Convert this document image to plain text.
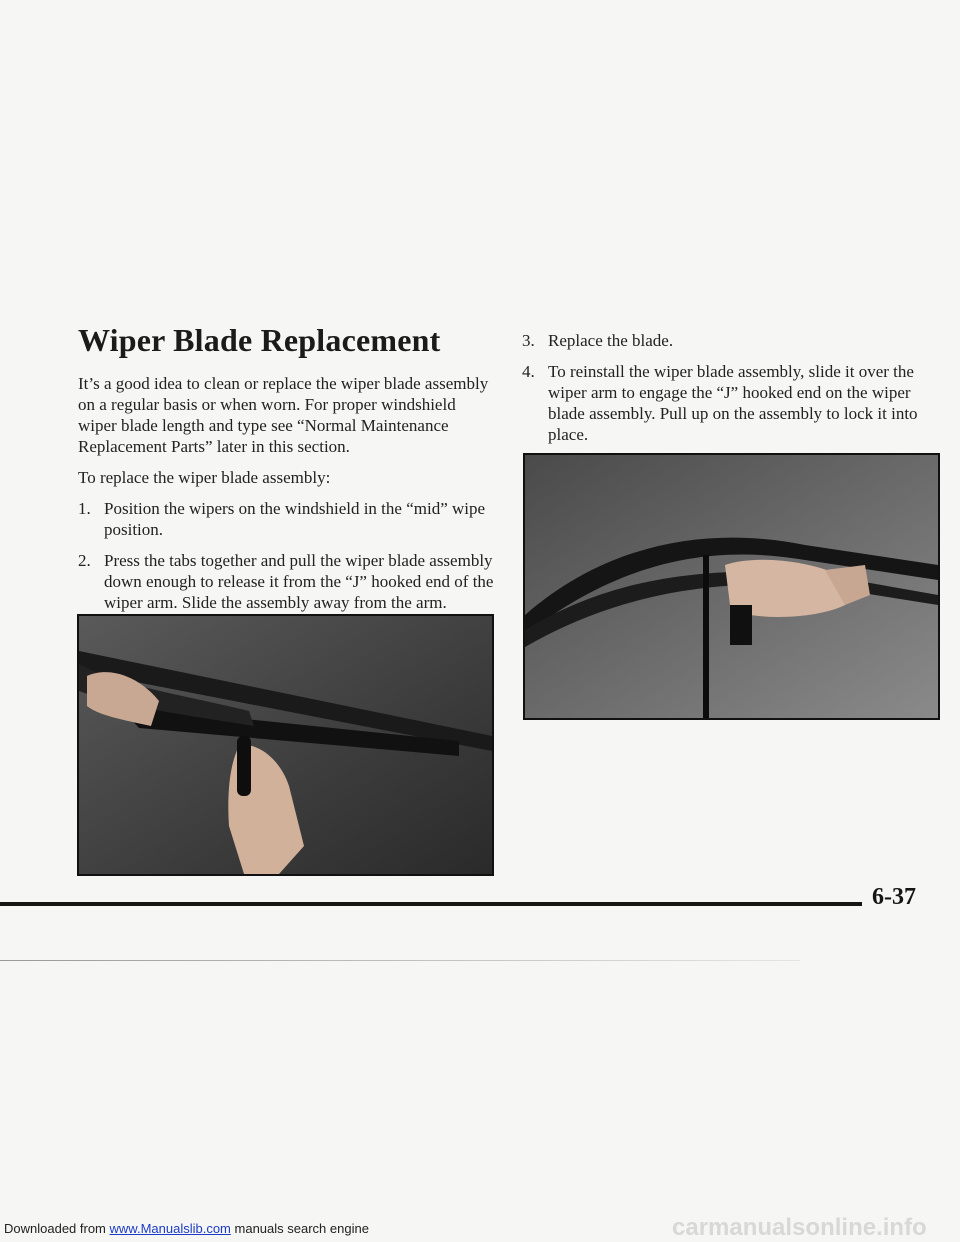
Wiper Blade Replacement

It’s a good idea to clean or replace the wiper blade assembly on a regular basis or when worn. For proper windshield wiper blade length and type see “Normal Maintenance Replacement Parts” later in this section.

To replace the wiper blade assembly:

1. Position the wipers on the windshield in the “mid” wipe position.
2. Press the tabs together and pull the wiper blade assembly down enough to release it from the “J” hooked end of the wiper arm. Slide the assembly away from the arm.
3. Replace the blade.
4. To reinstall the wiper blade assembly, slide it over the wiper arm to engage the “J” hooked end on the wiper blade assembly. Pull up on the assembly to lock it into place.
6-37
Downloaded from www.Manualslib.com manuals search engine	carmanualsonline.info
